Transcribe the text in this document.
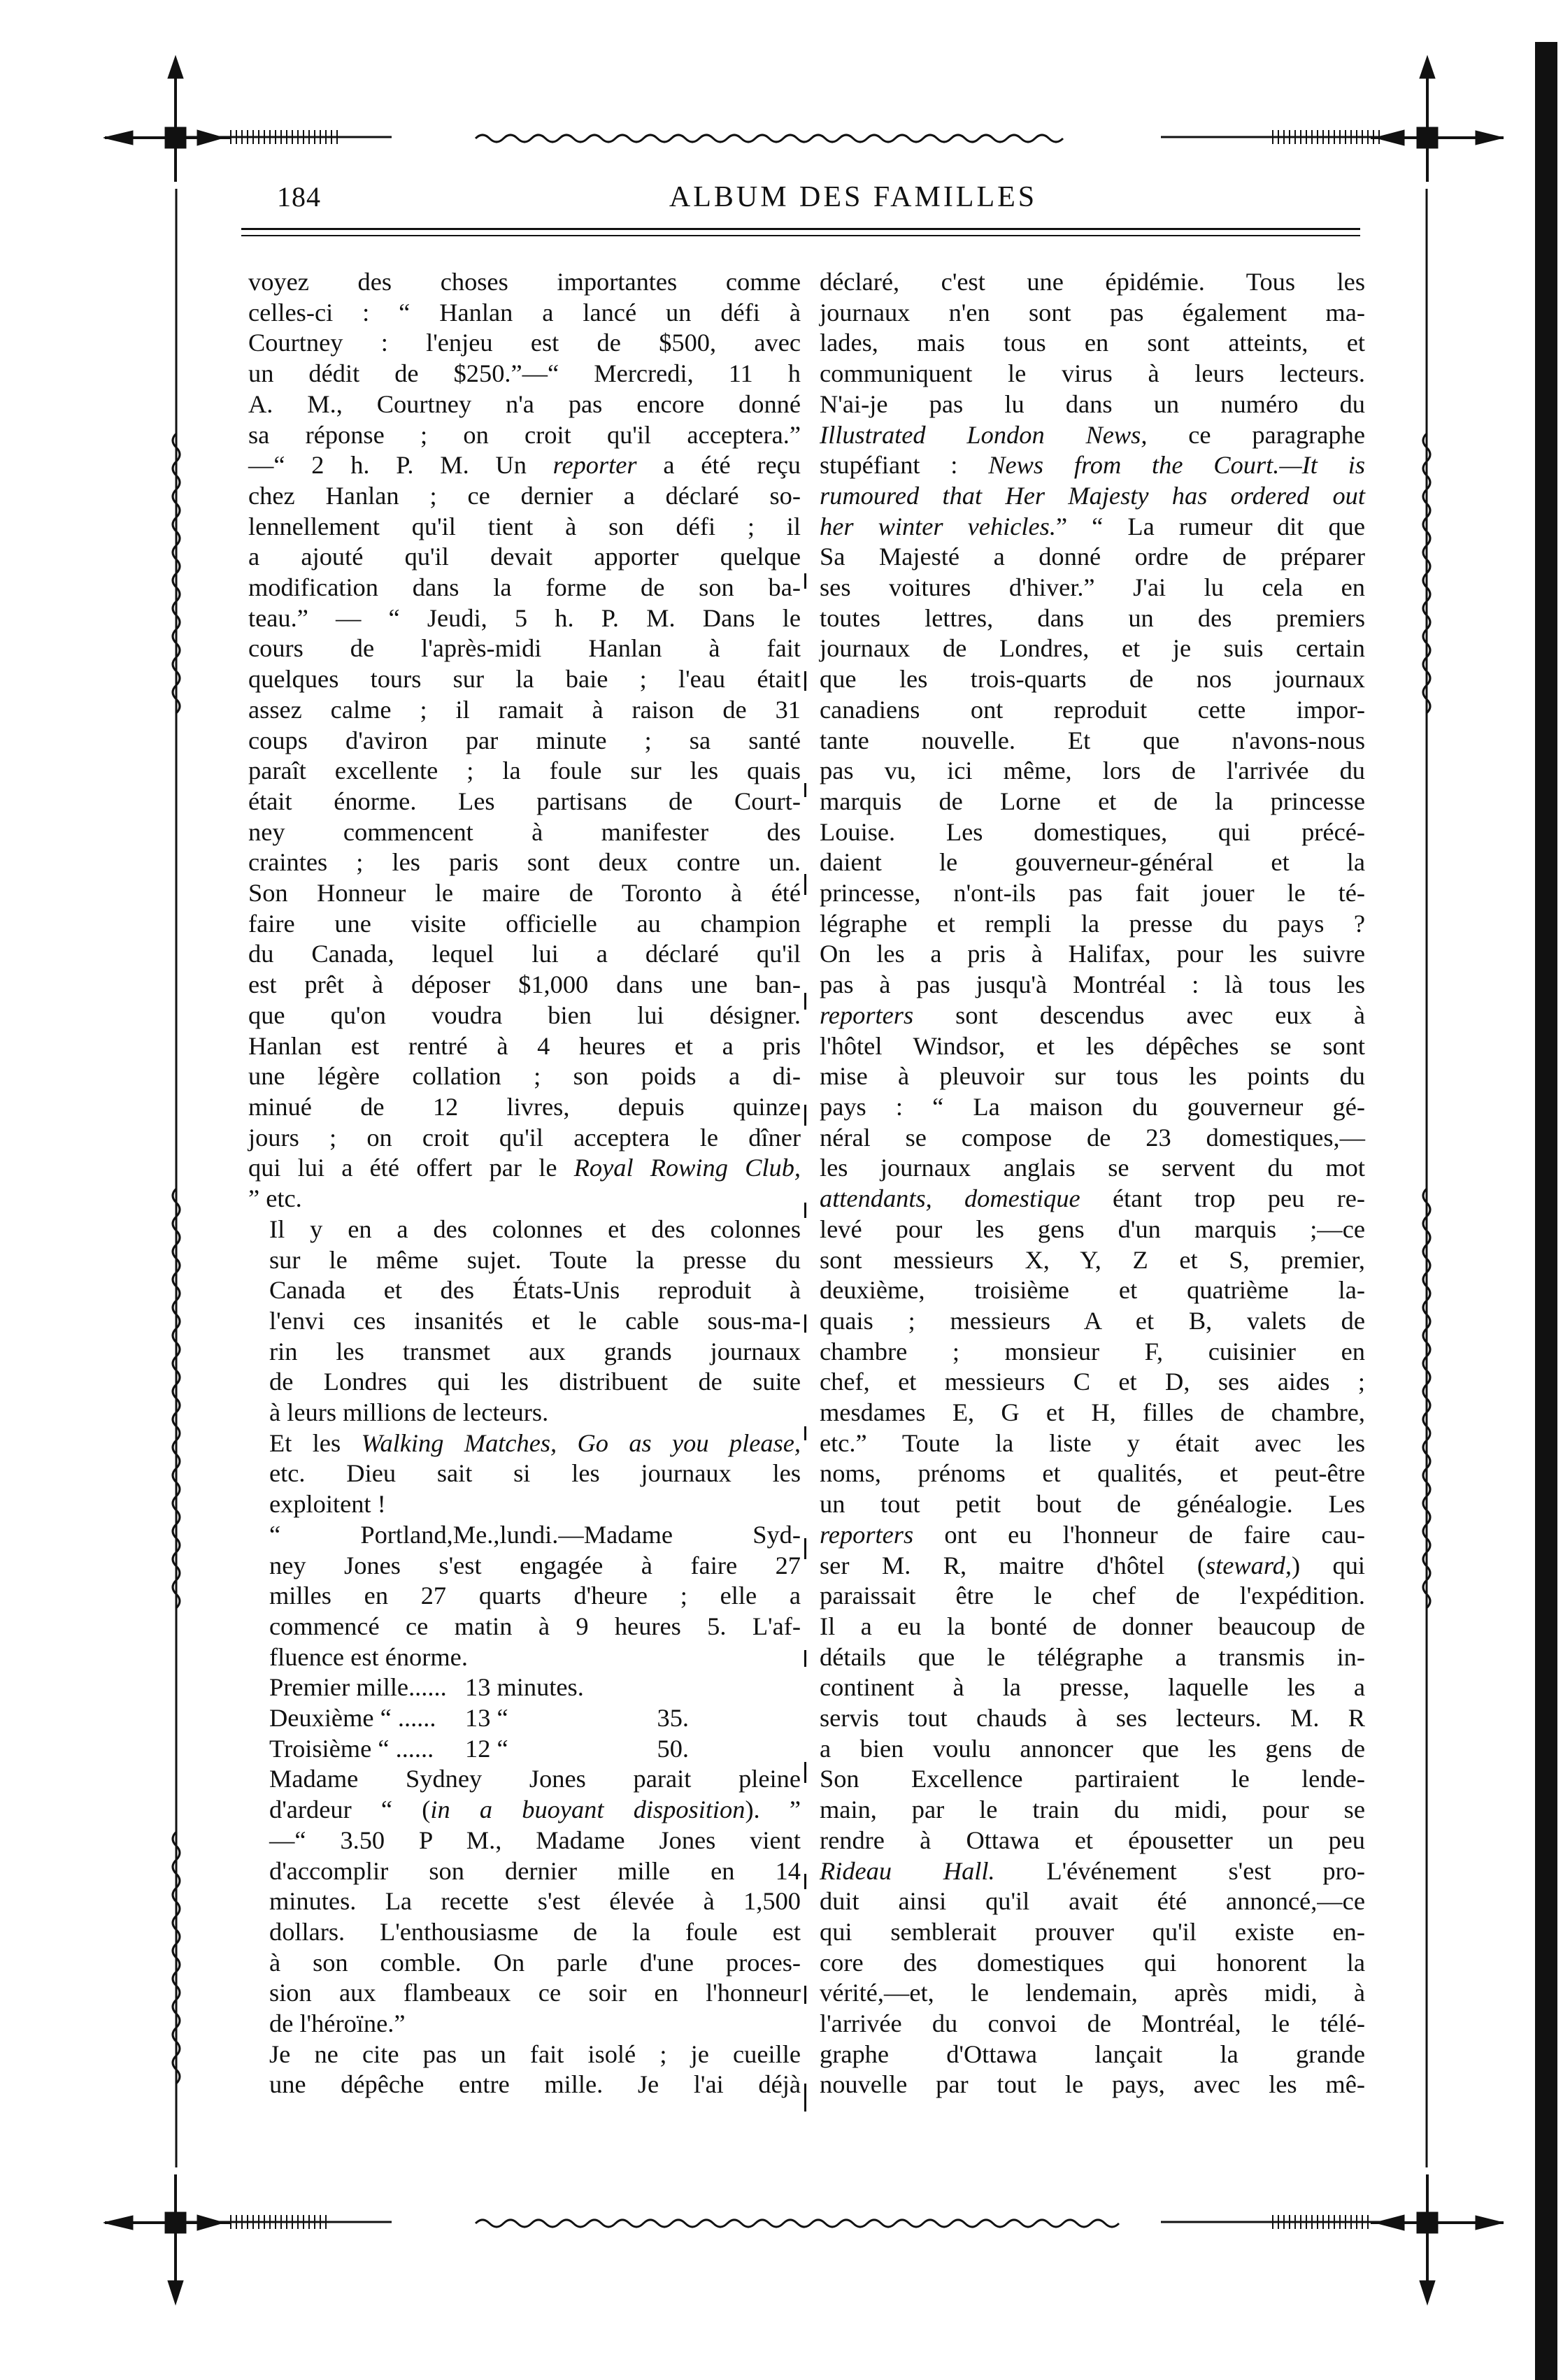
184	ALBUM DES FAMILLES

voyez des choses importantes comme
celles-ci : “ Hanlan a lancé un défi à
Courtney : l'enjeu est de $500, avec
un dédit de $250.”—“ Mercredi, 11 h
A. M., Courtney n'a pas encore donné
sa réponse ; on croit qu'il acceptera.”
—“ 2 h. P. M. Un reporter a été reçu
chez Hanlan ; ce dernier a déclaré so-
lennellement qu'il tient à son défi ; il
a ajouté qu'il devait apporter quelque
modification dans la forme de son ba-
teau.” — “ Jeudi, 5 h. P. M. Dans le
cours de l'après-midi Hanlan à fait
quelques tours sur la baie ; l'eau était
assez calme ; il ramait à raison de 31
coups d'aviron par minute ; sa santé
paraît excellente ; la foule sur les quais
était énorme. Les partisans de Court-
ney commencent à manifester des
craintes ; les paris sont deux contre un.
Son Honneur le maire de Toronto à été
faire une visite officielle au champion
du Canada, lequel lui a déclaré qu'il
est prêt à déposer $1,000 dans une ban-
que qu'on voudra bien lui désigner.
Hanlan est rentré à 4 heures et a pris
une légère collation ; son poids a di-
minué de 12 livres, depuis quinze
jours ; on croit qu'il acceptera le dîner
qui lui a été offert par le Royal Rowing Club,
” etc.

Il y en a des colonnes et des colonnes
sur le même sujet. Toute la presse du
Canada et des États-Unis reproduit à
l'envi ces insanités et le cable sous-ma-
rin les transmet aux grands journaux
de Londres qui les distribuent de suite
à leurs millions de lecteurs.

Et les Walking Matches, Go as you please,
etc. Dieu sait si les journaux les
exploitent !

“ Portland,Me.,lundi.—Madame Syd-
ney Jones s'est engagée à faire 27
milles en 27 quarts d'heure ; elle a
commencé ce matin à 9 heures 5. L'af-
fluence est énorme.

Premier mille......	13 minutes.	
Deuxième “ ......	13 “	35.
Troisième “ ......	12 “	50.

Madame Sydney Jones parait pleine
d'ardeur “ (in a buoyant disposition). ”
—“ 3.50 P M., Madame Jones vient
d'accomplir son dernier mille en 14
minutes. La recette s'est élevée à 1,500
dollars. L'enthousiasme de la foule est
à son comble. On parle d'une proces-
sion aux flambeaux ce soir en l'honneur
de l'héroïne.”

Je ne cite pas un fait isolé ; je cueille
une dépêche entre mille. Je l'ai déjà

déclaré, c'est une épidémie. Tous les
journaux n'en sont pas également ma-
lades, mais tous en sont atteints, et
communiquent le virus à leurs lecteurs.
N'ai-je pas lu dans un numéro du
Illustrated London News, ce paragraphe
stupéfiant : News from the Court.—It is
rumoured that Her Majesty has ordered out
her winter vehicles.” “ La rumeur dit que
Sa Majesté a donné ordre de préparer
ses voitures d'hiver.” J'ai lu cela en
toutes lettres, dans un des premiers
journaux de Londres, et je suis certain
que les trois-quarts de nos journaux
canadiens ont reproduit cette impor-
tante nouvelle. Et que n'avons-nous
pas vu, ici même, lors de l'arrivée du
marquis de Lorne et de la princesse
Louise. Les domestiques, qui précé-
daient le gouverneur-général et la
princesse, n'ont-ils pas fait jouer le té-
légraphe et rempli la presse du pays ?
On les a pris à Halifax, pour les suivre
pas à pas jusqu'à Montréal : là tous les
reporters sont descendus avec eux à
l'hôtel Windsor, et les dépêches se sont
mise à pleuvoir sur tous les points du
pays : “ La maison du gouverneur gé-
néral se compose de 23 domestiques,—
les journaux anglais se servent du mot
attendants, domestique étant trop peu re-
levé pour les gens d'un marquis ;—ce
sont messieurs X, Y, Z et S, premier,
deuxième, troisième et quatrième la-
quais ; messieurs A et B, valets de
chambre ; monsieur F, cuisinier en
chef, et messieurs C et D, ses aides ;
mesdames E, G et H, filles de chambre,
etc.” Toute la liste y était avec les
noms, prénoms et qualités, et peut-être
un tout petit bout de généalogie. Les
reporters ont eu l'honneur de faire cau-
ser M. R, maitre d'hôtel (steward,) qui
paraissait être le chef de l'expédition.
Il a eu la bonté de donner beaucoup de
détails que le télégraphe a transmis in-
continent à la presse, laquelle les a
servis tout chauds à ses lecteurs. M. R
a bien voulu annoncer que les gens de
Son Excellence partiraient le lende-
main, par le train du midi, pour se
rendre à Ottawa et épousetter un peu
Rideau Hall. L'événement s'est pro-
duit ainsi qu'il avait été annoncé,—ce
qui semblerait prouver qu'il existe en-
core des domestiques qui honorent la
vérité,—et, le lendemain, après midi, à
l'arrivée du convoi de Montréal, le télé-
graphe d'Ottawa lançait la grande
nouvelle par tout le pays, avec les mê-
